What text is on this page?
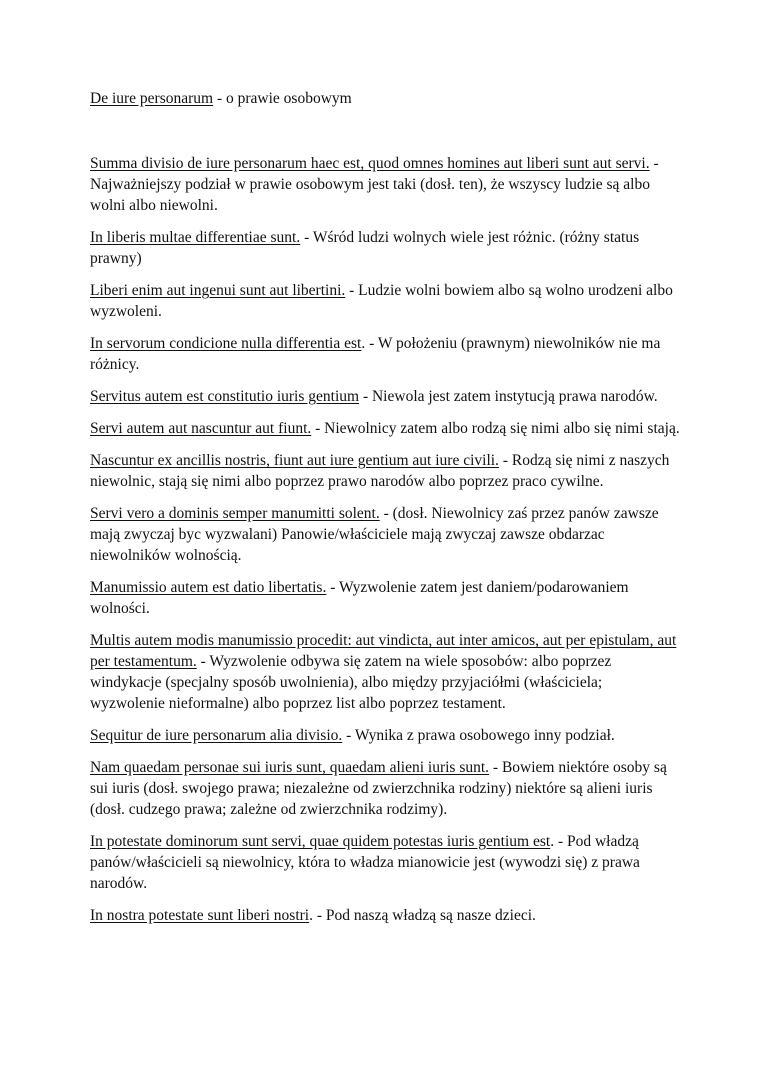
De iure personarum - o prawie osobowym

Summa divisio de iure personarum haec est, quod omnes homines aut liberi sunt aut servi. - Najważniejszy podział w prawie osobowym jest taki (dosł. ten), że wszyscy ludzie są albo wolni albo niewolni.

In liberis multae differentiae sunt. - Wśród ludzi wolnych wiele jest różnic. (różny status prawny)

Liberi enim aut ingenui sunt aut libertini. - Ludzie wolni bowiem albo są wolno urodzeni albo wyzwoleni.

In servorum condicione nulla differentia est. - W położeniu (prawnym) niewolników nie ma różnicy.

Servitus autem est constitutio iuris gentium - Niewola jest zatem instytucją prawa narodów.

Servi autem aut nascuntur aut fiunt. - Niewolnicy zatem albo rodzą się nimi albo się nimi stają.

Nascuntur ex ancillis nostris, fiunt aut iure gentium aut iure civili. - Rodzą się nimi z naszych niewolnic, stają się nimi albo poprzez prawo narodów albo poprzez praco cywilne.

Servi vero a dominis semper manumitti solent. - (dosł. Niewolnicy zaś przez panów zawsze mają zwyczaj byc wyzwalani) Panowie/właściciele mają zwyczaj zawsze obdarzac niewolników wolnością.

Manumissio autem est datio libertatis. - Wyzwolenie zatem jest daniem/podarowaniem wolności.

Multis autem modis manumissio procedit: aut vindicta, aut inter amicos, aut per epistulam, aut per testamentum. - Wyzwolenie odbywa się zatem na wiele sposobów: albo poprzez windykacje (specjalny sposób uwolnienia), albo między przyjaciółmi (właściciela; wyzwolenie nieformalne) albo poprzez list albo poprzez testament.

Sequitur de iure personarum alia divisio. - Wynika z prawa osobowego inny podział.

Nam quaedam personae sui iuris sunt, quaedam alieni iuris sunt. - Bowiem niektóre osoby są sui iuris (dosł. swojego prawa; niezależne od zwierzchnika rodziny) niektóre są alieni iuris (dosł. cudzego prawa; zależne od zwierzchnika rodzimy).

In potestate dominorum sunt servi, quae quidem potestas iuris gentium est. - Pod władzą panów/właścicieli są niewolnicy, która to władza mianowicie jest (wywodzi się) z prawa narodów.

In nostra potestate sunt liberi nostri. - Pod naszą władzą są nasze dzieci.
